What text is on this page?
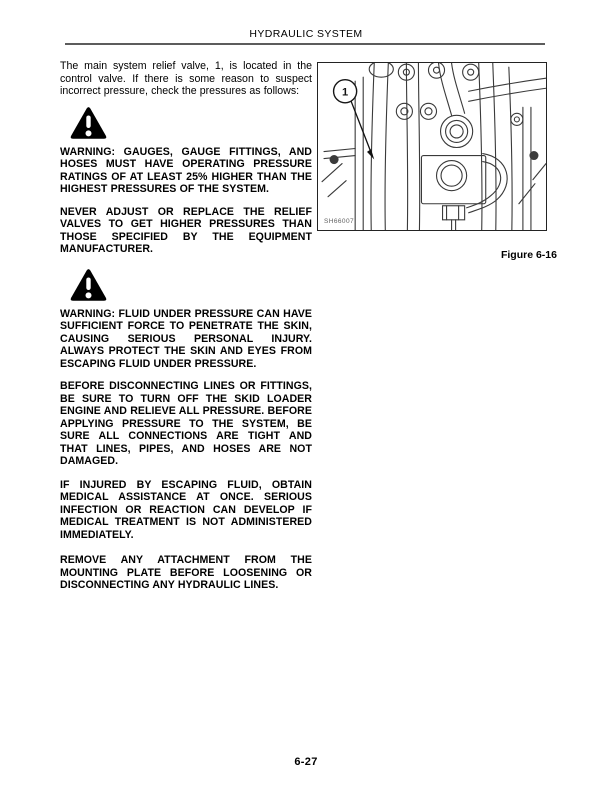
HYDRAULIC SYSTEM

The main system relief valve, 1, is located in the control valve. If there is some reason to suspect incorrect pressure, check the pressures as follows:

WARNING: GAUGES, GAUGE FITTINGS, AND HOSES MUST HAVE OPERATING PRESSURE RATINGS OF AT LEAST 25% HIGHER THAN THE HIGHEST PRESSURES OF THE SYSTEM.

NEVER ADJUST OR REPLACE THE RELIEF VALVES TO GET HIGHER PRESSURES THAN THOSE SPECIFIED BY THE EQUIPMENT MANUFACTURER.

WARNING: FLUID UNDER PRESSURE CAN HAVE SUFFICIENT FORCE TO PENETRATE THE SKIN, CAUSING SERIOUS PERSONAL INJURY. ALWAYS PROTECT THE SKIN AND EYES FROM ESCAPING FLUID UNDER PRESSURE.

BEFORE DISCONNECTING LINES OR FITTINGS, BE SURE TO TURN OFF THE SKID LOADER ENGINE AND RELIEVE ALL PRESSURE. BEFORE APPLYING PRESSURE TO THE SYSTEM, BE SURE ALL CONNECTIONS ARE TIGHT AND THAT LINES, PIPES, AND HOSES ARE NOT DAMAGED.

IF INJURED BY ESCAPING FLUID, OBTAIN MEDICAL ASSISTANCE AT ONCE. SERIOUS INFECTION OR REACTION CAN DEVELOP IF MEDICAL TREATMENT IS NOT ADMINISTERED IMMEDIATELY.

REMOVE ANY ATTACHMENT FROM THE MOUNTING PLATE BEFORE LOOSENING OR DISCONNECTING ANY HYDRAULIC LINES.

1
SH66007
Figure 6-16
6-27
